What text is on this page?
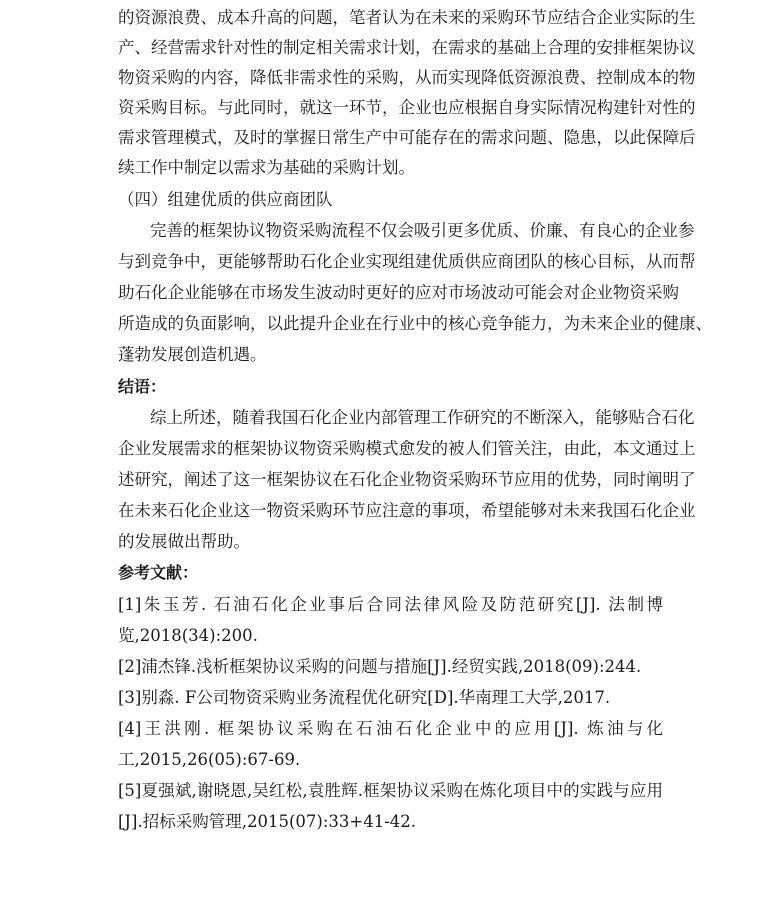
的资源浪费、成本升高的问题，笔者认为在未来的采购环节应结合企业实际的生
产、经营需求针对性的制定相关需求计划，在需求的基础上合理的安排框架协议
物资采购的内容，降低非需求性的采购，从而实现降低资源浪费、控制成本的物
资采购目标。与此同时，就这一环节，企业也应根据自身实际情况构建针对性的
需求管理模式，及时的掌握日常生产中可能存在的需求问题、隐患，以此保障后
续工作中制定以需求为基础的采购计划。
（四）组建优质的供应商团队
完善的框架协议物资采购流程不仅会吸引更多优质、价廉、有良心的企业参
与到竞争中，更能够帮助石化企业实现组建优质供应商团队的核心目标，从而帮
助石化企业能够在市场发生波动时更好的应对市场波动可能会对企业物资采购
所造成的负面影响，以此提升企业在行业中的核心竞争能力，为未来企业的健康、
蓬勃发展创造机遇。
结语：
综上所述，随着我国石化企业内部管理工作研究的不断深入，能够贴合石化
企业发展需求的框架协议物资采购模式愈发的被人们管关注，由此，本文通过上
述研究，阐述了这一框架协议在石化企业物资采购环节应用的优势，同时阐明了
在未来石化企业这一物资采购环节应注意的事项，希望能够对未来我国石化企业
的发展做出帮助。
参考文献：
[1]朱玉芳. 石油石化企业事后合同法律风险及防范研究[J]. 法制博
览,2018(34):200.
[2]浦杰锋.浅析框架协议采购的问题与措施[J].经贸实践,2018(09):244.
[3]别淼. F公司物资采购业务流程优化研究[D].华南理工大学,2017.
[4]王洪刚. 框架协议采购在石油石化企业中的应用[J]. 炼油与化
工,2015,26(05):67-69.
[5]夏强斌,谢晓恩,吴红松,袁胜辉.框架协议采购在炼化项目中的实践与应用
[J].招标采购管理,2015(07):33+41-42.
